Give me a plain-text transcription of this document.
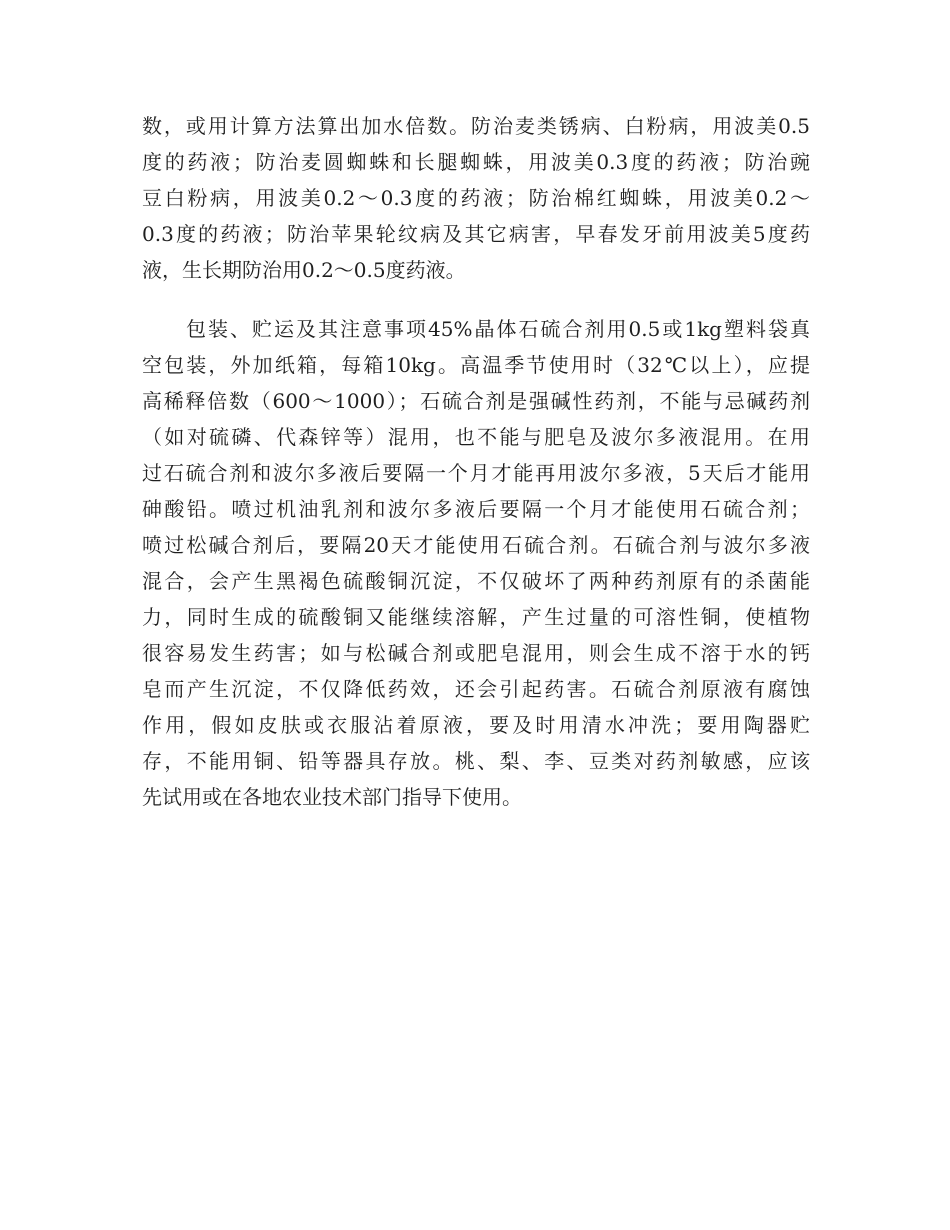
数，或用计算方法算出加水倍数。防治麦类锈病、白粉病，用波美0.5
度的药液；防治麦圆蜘蛛和长腿蜘蛛，用波美0.3度的药液；防治豌
豆白粉病，用波美0.2～0.3度的药液；防治棉红蜘蛛，用波美0.2～
0.3度的药液；防治苹果轮纹病及其它病害，早春发牙前用波美5度药
液，生长期防治用0.2～0.5度药液。
　　包装、贮运及其注意事项45%晶体石硫合剂用0.5或1kg塑料袋真
空包装，外加纸箱，每箱10kg。高温季节使用时（32℃以上），应提
高稀释倍数（600～1000）；石硫合剂是强碱性药剂，不能与忌碱药剂
（如对硫磷、代森锌等）混用，也不能与肥皂及波尔多液混用。在用
过石硫合剂和波尔多液后要隔一个月才能再用波尔多液，5天后才能用
砷酸铅。喷过机油乳剂和波尔多液后要隔一个月才能使用石硫合剂；
喷过松碱合剂后，要隔20天才能使用石硫合剂。石硫合剂与波尔多液
混合，会产生黑褐色硫酸铜沉淀，不仅破坏了两种药剂原有的杀菌能
力，同时生成的硫酸铜又能继续溶解，产生过量的可溶性铜，使植物
很容易发生药害；如与松碱合剂或肥皂混用，则会生成不溶于水的钙
皂而产生沉淀，不仅降低药效，还会引起药害。石硫合剂原液有腐蚀
作用，假如皮肤或衣服沾着原液，要及时用清水冲洗；要用陶器贮
存，不能用铜、铅等器具存放。桃、梨、李、豆类对药剂敏感，应该
先试用或在各地农业技术部门指导下使用。
